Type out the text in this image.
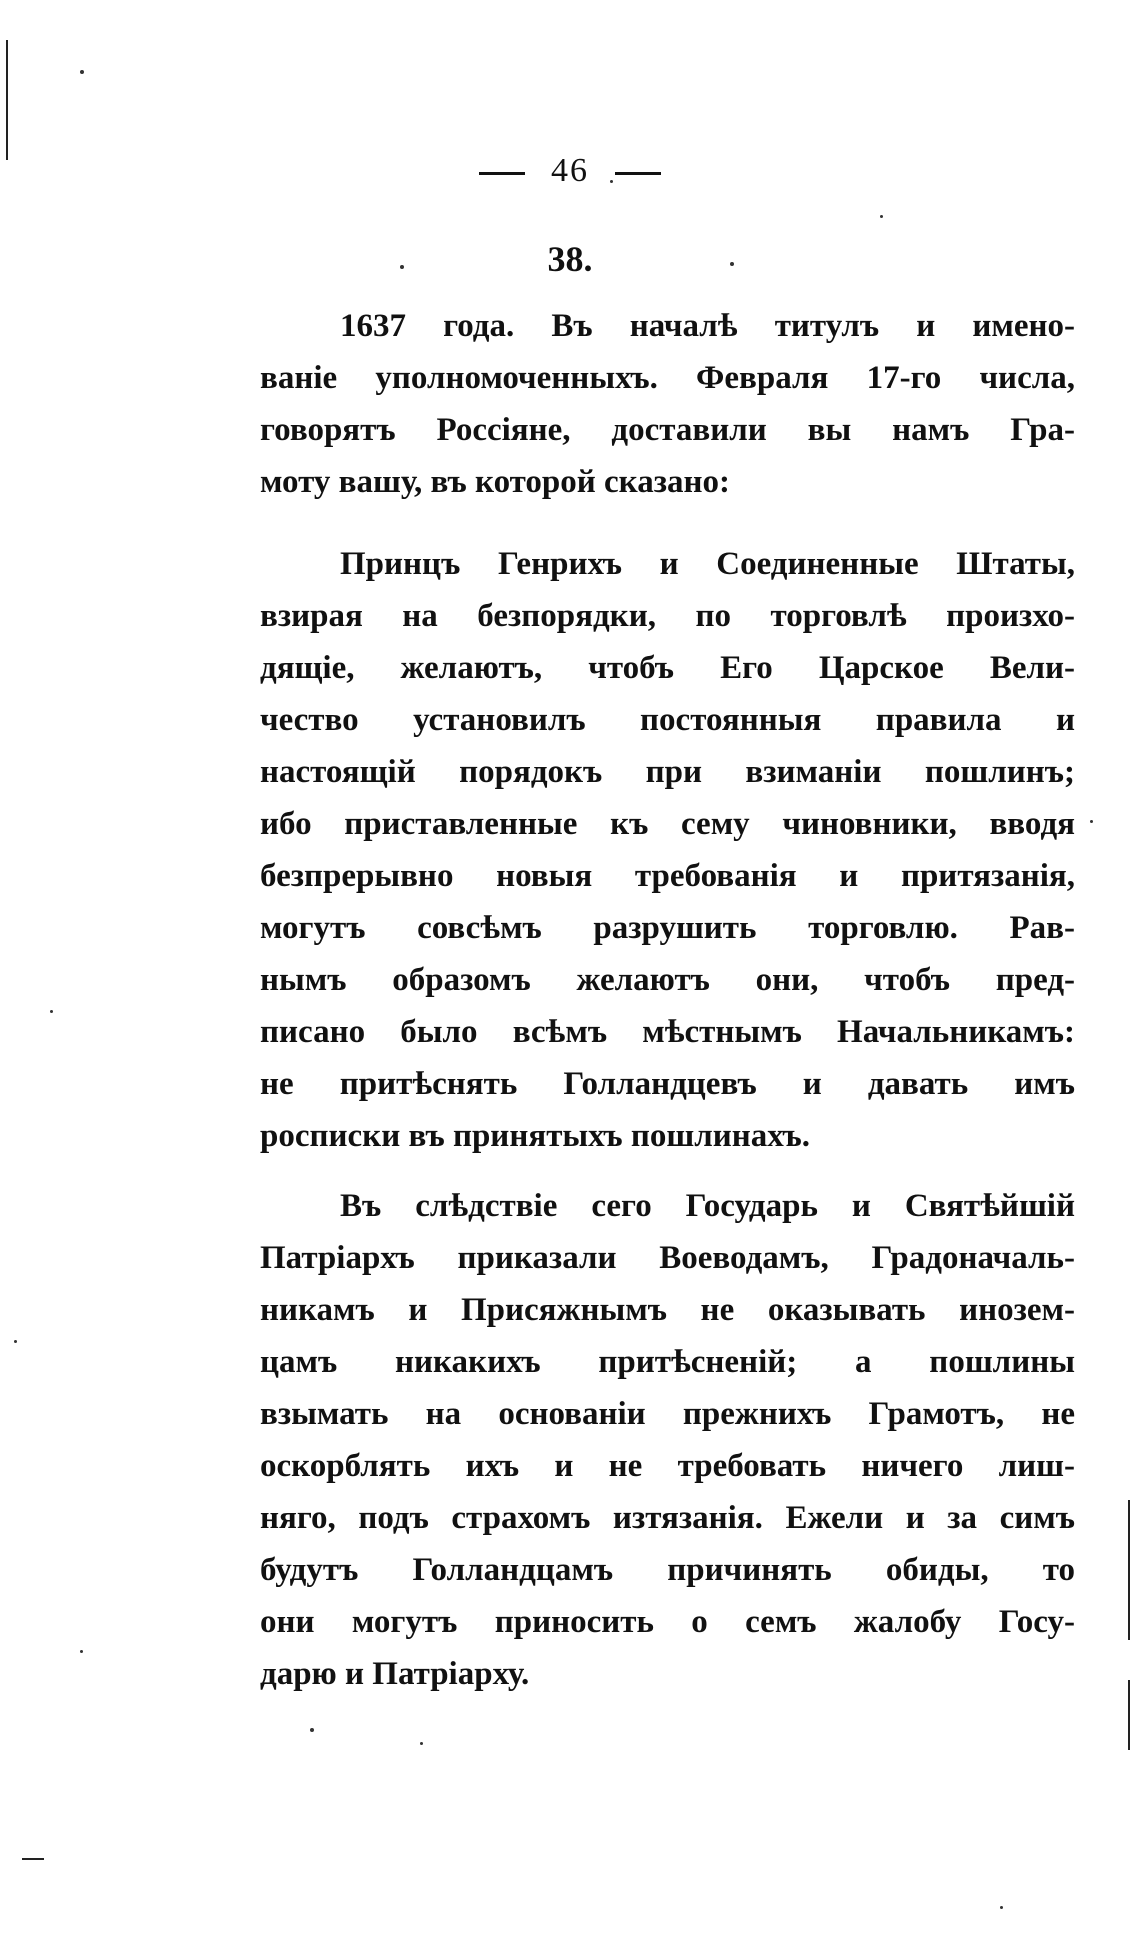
46
38.
1637 года. Въ началѣ титулъ и имено-
ваніе уполномоченныхъ. Февраля 17-го числа,
говорятъ Россіяне, доставили вы намъ Гра-
моту вашу, въ которой сказано:
Принцъ Генрихъ и Соединенные Штаты,
взирая на безпорядки, по торговлѣ произхо-
дящіе, желаютъ, чтобъ Его Царское Вели-
чество установилъ постоянныя правила и
настоящій порядокъ при взиманіи пошлинъ;
ибо приставленные къ сему чиновники, вводя
безпрерывно новыя требованія и притязанія,
могутъ совсѣмъ разрушить торговлю. Рав-
нымъ образомъ желаютъ они, чтобъ пред-
писано было всѣмъ мѣстнымъ Начальникамъ:
не притѣснять Голландцевъ и давать имъ
росписки въ принятыхъ пошлинахъ.
Въ слѣдствіе сего Государь и Святѣйшій
Патріархъ приказали Воеводамъ, Градоначаль-
никамъ и Присяжнымъ не оказывать инозем-
цамъ никакихъ притѣсненій; а пошлины
взымать на основаніи прежнихъ Грамотъ, не
оскорблять ихъ и не требовать ничего лиш-
няго, подъ страхомъ изтязанія. Ежели и за симъ
будутъ Голландцамъ причинять обиды, то
они могутъ приносить о семъ жалобу Госу-
дарю и Патріарху.
